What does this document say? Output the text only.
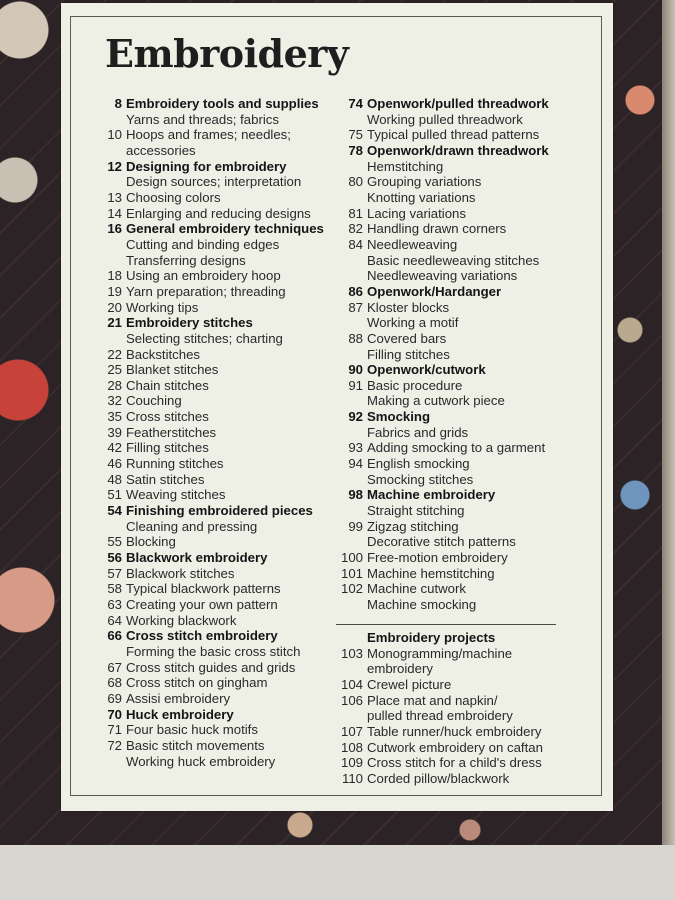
Embroidery
8 Embroidery tools and supplies
Yarns and threads; fabrics
10 Hoops and frames; needles;
accessories
12 Designing for embroidery
Design sources; interpretation
13 Choosing colors
14 Enlarging and reducing designs
16 General embroidery techniques
Cutting and binding edges
Transferring designs
18 Using an embroidery hoop
19 Yarn preparation; threading
20 Working tips
21 Embroidery stitches
Selecting stitches; charting
22 Backstitches
25 Blanket stitches
28 Chain stitches
32 Couching
35 Cross stitches
39 Featherstitches
42 Filling stitches
46 Running stitches
48 Satin stitches
51 Weaving stitches
54 Finishing embroidered pieces
Cleaning and pressing
55 Blocking
56 Blackwork embroidery
57 Blackwork stitches
58 Typical blackwork patterns
63 Creating your own pattern
64 Working blackwork
66 Cross stitch embroidery
Forming the basic cross stitch
67 Cross stitch guides and grids
68 Cross stitch on gingham
69 Assisi embroidery
70 Huck embroidery
71 Four basic huck motifs
72 Basic stitch movements
Working huck embroidery
74 Openwork/pulled threadwork
Working pulled threadwork
75 Typical pulled thread patterns
78 Openwork/drawn threadwork
Hemstitching
80 Grouping variations
Knotting variations
81 Lacing variations
82 Handling drawn corners
84 Needleweaving
Basic needleweaving stitches
Needleweaving variations
86 Openwork/Hardanger
87 Kloster blocks
Working a motif
88 Covered bars
Filling stitches
90 Openwork/cutwork
91 Basic procedure
Making a cutwork piece
92 Smocking
Fabrics and grids
93 Adding smocking to a garment
94 English smocking
Smocking stitches
98 Machine embroidery
Straight stitching
99 Zigzag stitching
Decorative stitch patterns
100 Free-motion embroidery
101 Machine hemstitching
102 Machine cutwork
Machine smocking
Embroidery projects
103 Monogramming/machine
embroidery
104 Crewel picture
106 Place mat and napkin/
pulled thread embroidery
107 Table runner/huck embroidery
108 Cutwork embroidery on caftan
109 Cross stitch for a child's dress
110 Corded pillow/blackwork
